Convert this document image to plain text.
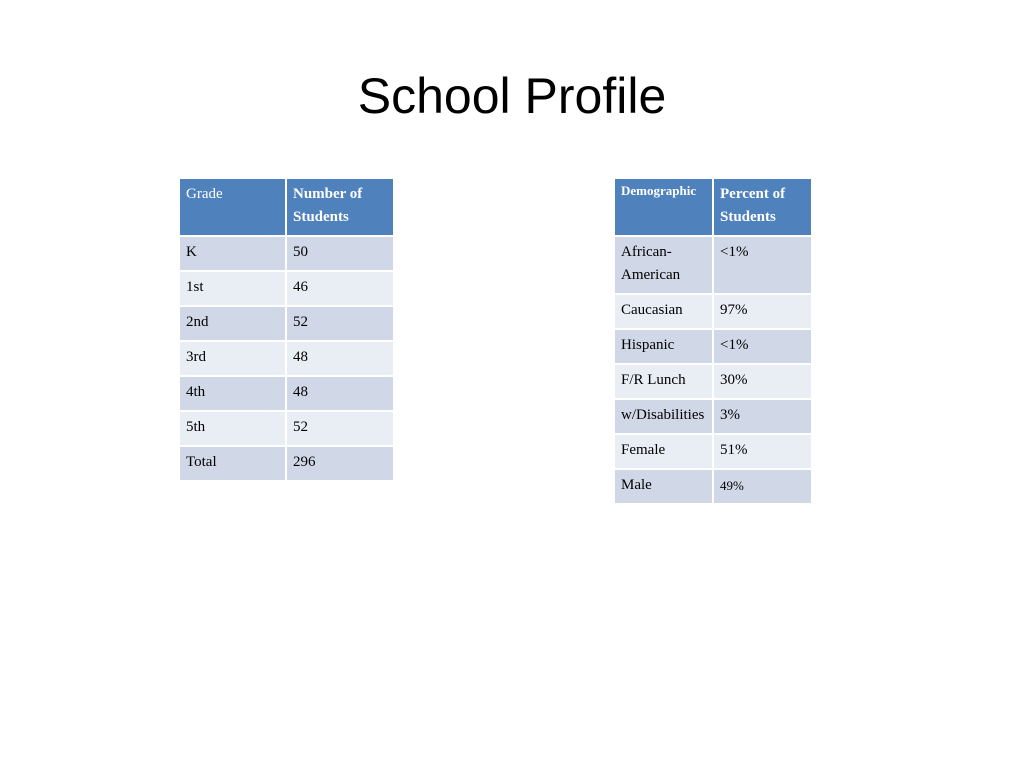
School Profile
Grade	Number of Students
K	50
1st	46
2nd	52
3rd	48
4th	48
5th	52
Total	296
Demographic	Percent of Students
African-American	<1%
Caucasian	97%
Hispanic	<1%
F/R Lunch	30%
w/Disabilities	3%
Female	51%
Male	49%
